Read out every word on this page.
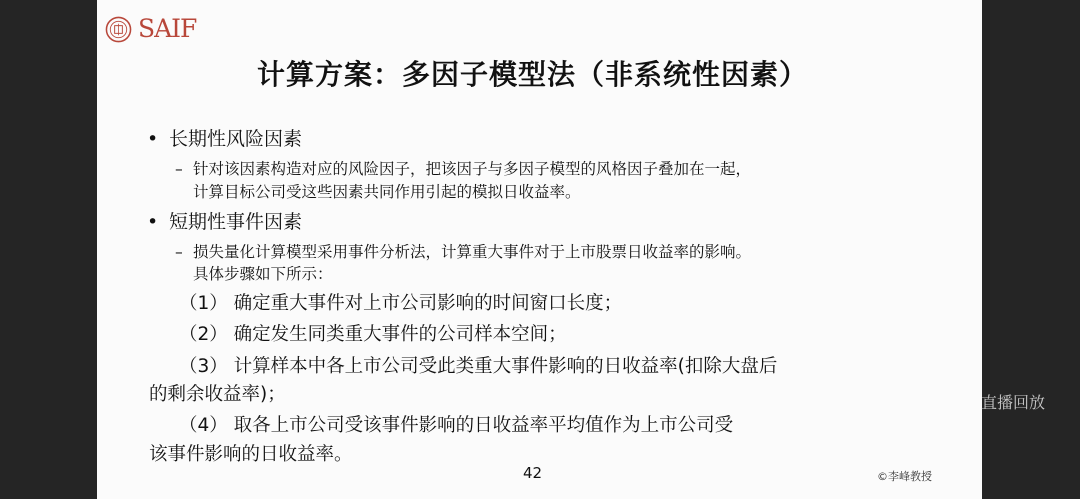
SAIF
计算方案：多因子模型法（非系统性因素）
• 长期性风险因素
– 针对该因素构造对应的风险因子，把该因子与多因子模型的风格因子叠加在一起，
计算目标公司受这些因素共同作用引起的模拟日收益率。
• 短期性事件因素
– 损失量化计算模型采用事件分析法，计算重大事件对于上市股票日收益率的影响。
具体步骤如下所示：
（1） 确定重大事件对上市公司影响的时间窗口长度；
（2） 确定发生同类重大事件的公司样本空间；
（3） 计算样本中各上市公司受此类重大事件影响的日收益率(扣除大盘后
的剩余收益率)；
（4） 取各上市公司受该事件影响的日收益率平均值作为上市公司受
该事件影响的日收益率。
42	©李峰教授
直播回放
